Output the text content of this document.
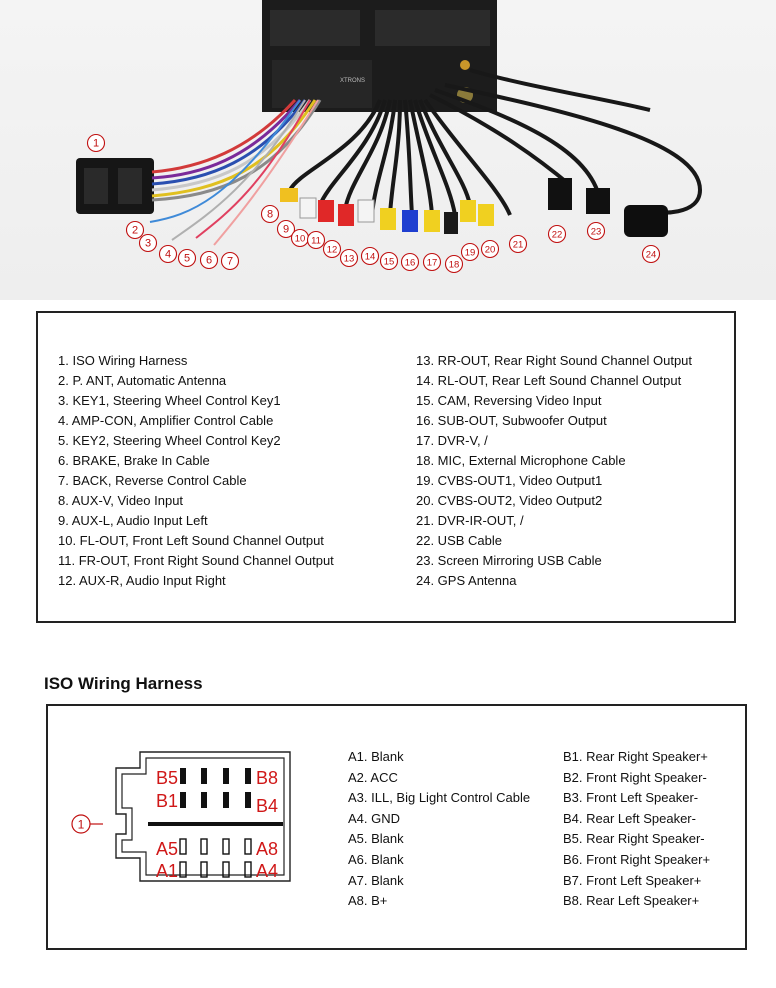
XTRONS
1
2
3
4 5 6 7
8
9
10 11
12
13 14 15 16 17 18
19 20 21
22	23
24
1. ISO Wiring Harness
2. P. ANT, Automatic Antenna
3. KEY1, Steering Wheel Control Key1
4. AMP-CON, Amplifier Control Cable
5. KEY2, Steering Wheel Control Key2
6. BRAKE, Brake In Cable
7. BACK, Reverse Control Cable
8. AUX-V, Video Input
9. AUX-L, Audio Input Left
10. FL-OUT, Front Left Sound Channel Output
11. FR-OUT, Front Right Sound Channel Output
12. AUX-R, Audio Input Right
13. RR-OUT, Rear Right Sound Channel Output
14. RL-OUT, Rear Left Sound Channel Output
15. CAM, Reversing Video Input
16. SUB-OUT, Subwoofer Output
17. DVR-V, /
18. MIC, External Microphone Cable
19. CVBS-OUT1, Video Output1
20. CVBS-OUT2, Video Output2
21. DVR-IR-OUT, /
22. USB Cable
23. Screen Mirroring USB Cable
24. GPS Antenna
ISO Wiring Harness
1
B5	B8
B1	B4
A5	A8
A1	A4
A1. Blank
A2. ACC
A3. ILL, Big Light Control Cable
A4. GND
A5. Blank
A6. Blank
A7. Blank
A8. B+
B1. Rear Right Speaker+
B2. Front Right Speaker-
B3. Front Left Speaker-
B4. Rear Left Speaker-
B5. Rear Right Speaker-
B6. Front Right Speaker+
B7. Front Left Speaker+
B8. Rear Left Speaker+
